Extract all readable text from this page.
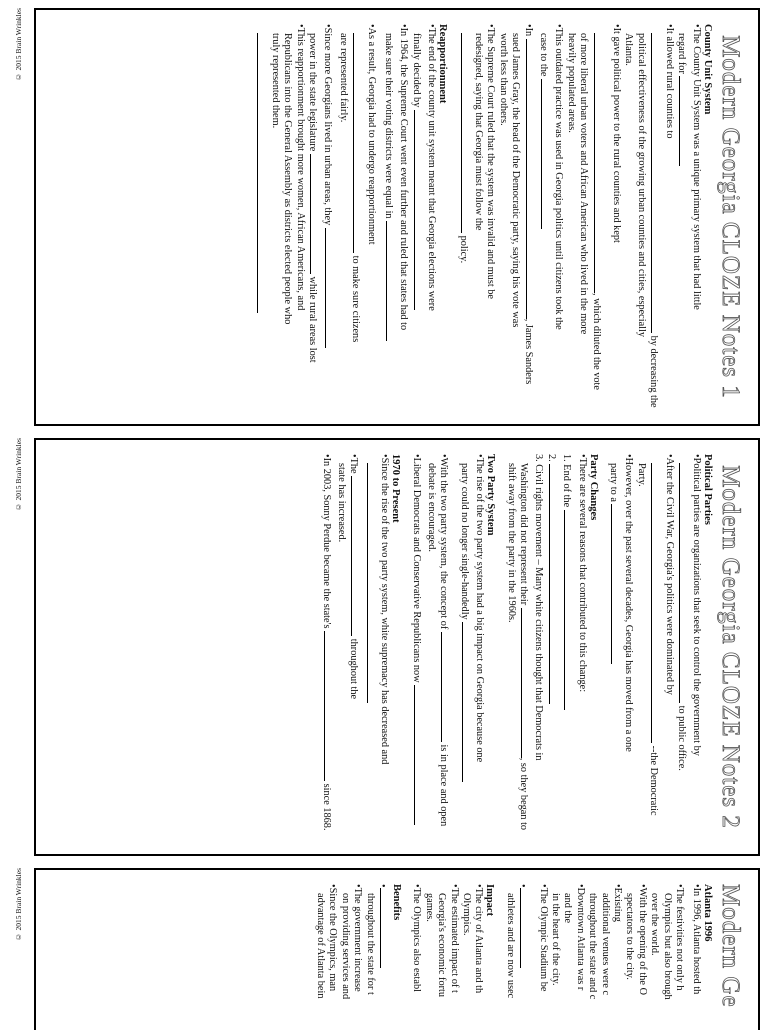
© 2015 Brain Wrinkles
© 2015 Brain Wrinkles
© 2015 Brain Wrinkles
Modern Georgia CLOZE Notes 1
County Unit System
• The County Unit System was a unique primary system that had little
regard for
• It allowed rural counties to
by decreasing the
political effectiveness of the growing urban counties and cities, especially
Atlanta.
• It gave political power to the rural counties and kept
, which diluted the vote
of more liberal urban voters and African American who lived in the more
heavily populated areas.
• This outdated practice was used in Georgia politics until citizens took the
case to the
• In , James Sanders
sued James Gray, the head of the Democratic party, saying his vote was
worth less than others.
• The Supreme Court ruled that the system was invalid and must be
redesigned, saying that Georgia must follow the
policy.
Reapportionment
• The end of the county unit system meant that Georgia elections were
finally decided by
• In 1964, the Supreme Court went even further and ruled that states had to
make sure their voting districts were equal in
• As a result, Georgia had to undergo reapportionment
to make sure citizens
are represented fairly.
• Since more Georgians lived in urban areas, they
power in the state legislature  while rural areas lost
• This reapportionment brought more women, African Americans, and
Republicans into the General Assembly as districts elected people who
truly represented them.
Modern Georgia CLOZE Notes 2
Political Parties
• Political parties are organizations that seek to control the government by
to public office.
• After the Civil War, Georgia's politics were dominated by
--the Democratic
Party.
• However, over the past several decades, Georgia has moved from a one
party to a
Party Changes
• There are several reasons that contributed to this change:
1. End of the
2.
3. Civil rights movement – Many white citizens thought that Democrats in
Washington did not represent their , so they began to
shift away from the party in the 1960s.
Two Party System
• The rise of the two party system had a big impact on Georgia because one
party could no longer single-handedly
• With the two party system, the concept of  is in place and open
debate is encouraged.
• Liberal Democrats and Conservative Republicans now
1970 to Present
• Since the rise of the two party system, white supremacy has decreased and
• The  throughout the
state has increased.
• In 2003, Sonny Perdue became the state's  since 1868.
Modern Ge
Atlanta 1996
• In 1996, Atlanta hosted th
• The festivities not only h
Olympics but also brough
over the world.
• With the opening of the O
spectators to the city.
• Existing
additional venues were c
throughout the state and c
• Downtown Atlanta was r
and the
in the heart of the city.
• The Olympic Stadium be
•
athletes and are now usec
Impact
• The city of Atlanta and th
Olympics.
• The estimated impact of t
Georgia's economic fortu
games.
• The Olympics also establ
Benefits
•
throughout the state for t
• The government increase
on providing services and
• Since the Olympics, man
advantage of Atlanta bein
